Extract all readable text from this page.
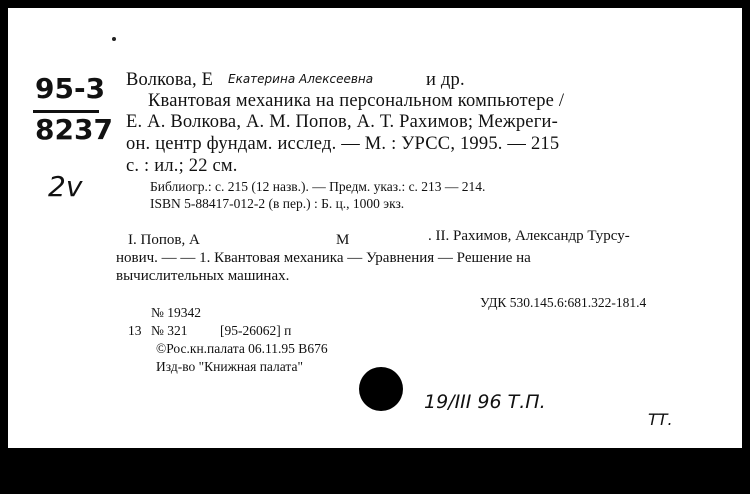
95-3
8237
2v
Волкова, Е Екатерина Алексеевна	и др.
Квантовая механика на персональном компьютере /
Е. А. Волкова, А. М. Попов, А. Т. Рахимов; Межреги-
он. центр фундам. исслед. — М. : УРСС, 1995. — 215
с. : ил.; 22 см.
Библиогр.: с. 215 (12 назв.). — Предм. указ.: с. 213 — 214.
ISBN 5-88417-012-2 (в пер.) : Б. ц., 1000 экз.
I. Попов, А	М	. II. Рахимов, Александр Турсу-
нович. — — 1. Квантовая механика — Уравнения — Решение на
вычислительных машинах.
УДК 530.145.6:681.322-181.4
№ 19342
13 № 321 [95-26062] п
©Рос.кн.палата 06.11.95 В676
Изд-во "Книжная палата"
19/III 96 Т.П.
ТТ.
